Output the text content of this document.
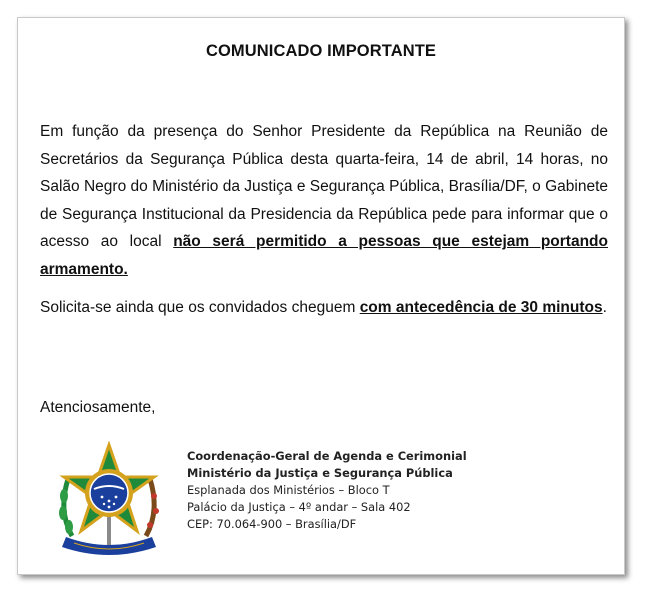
COMUNICADO IMPORTANTE
Em função da presença do Senhor Presidente da República na Reunião de Secretários da Segurança Pública desta quarta-feira, 14 de abril, 14 horas, no Salão Negro do Ministério da Justiça e Segurança Pública, Brasília/DF, o Gabinete de Segurança Institucional da Presidencia da República pede para informar que o acesso ao local não será permitido a pessoas que estejam portando armamento.
Solicita-se ainda que os convidados cheguem com antecedência de 30 minutos.
Atenciosamente,
Coordenação-Geral de Agenda e Cerimonial
Ministério da Justiça e Segurança Pública
Esplanada dos Ministérios – Bloco T
Palácio da Justiça – 4º andar – Sala 402
CEP: 70.064-900 – Brasília/DF
